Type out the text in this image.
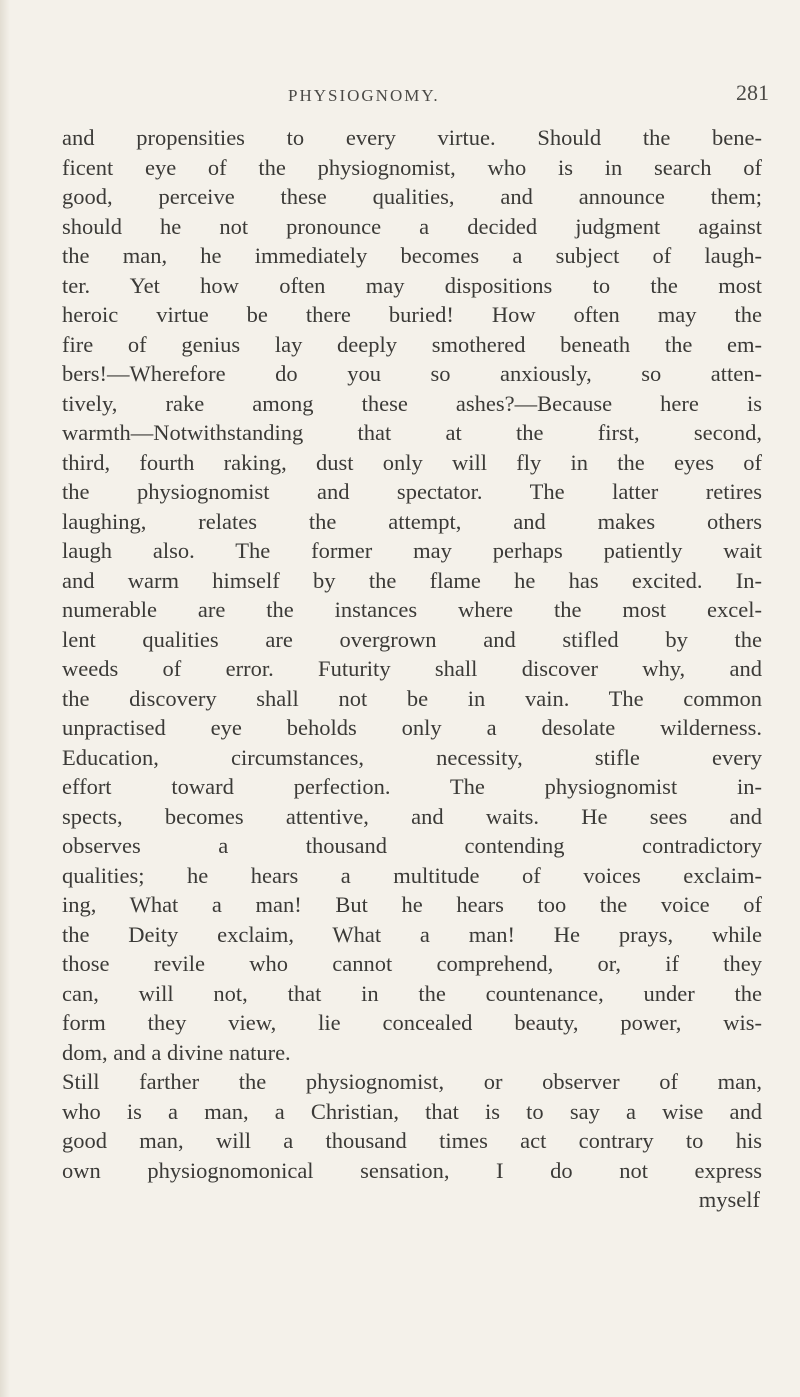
PHYSIOGNOMY.	281
and propensities to every virtue. Should the bene-
ficent eye of the physiognomist, who is in search of
good, perceive these qualities, and announce them;
should he not pronounce a decided judgment against
the man, he immediately becomes a subject of laugh-
ter. Yet how often may dispositions to the most
heroic virtue be there buried! How often may the
fire of genius lay deeply smothered beneath the em-
bers!—Wherefore do you so anxiously, so atten-
tively, rake among these ashes?—Because here is
warmth—Notwithstanding that at the first, second,
third, fourth raking, dust only will fly in the eyes of
the physiognomist and spectator. The latter retires
laughing, relates the attempt, and makes others
laugh also. The former may perhaps patiently wait
and warm himself by the flame he has excited. In-
numerable are the instances where the most excel-
lent qualities are overgrown and stifled by the
weeds of error. Futurity shall discover why, and
the discovery shall not be in vain. The common
unpractised eye beholds only a desolate wilderness.
Education, circumstances, necessity, stifle every
effort toward perfection. The physiognomist in-
spects, becomes attentive, and waits. He sees and
observes a thousand contending contradictory
qualities; he hears a multitude of voices exclaim-
ing, What a man! But he hears too the voice of
the Deity exclaim, What a man! He prays, while
those revile who cannot comprehend, or, if they
can, will not, that in the countenance, under the
form they view, lie concealed beauty, power, wis-
dom, and a divine nature.
Still farther the physiognomist, or observer of man,
who is a man, a Christian, that is to say a wise and
good man, will a thousand times act contrary to his
own physiognomonical sensation, I do not express
myself
